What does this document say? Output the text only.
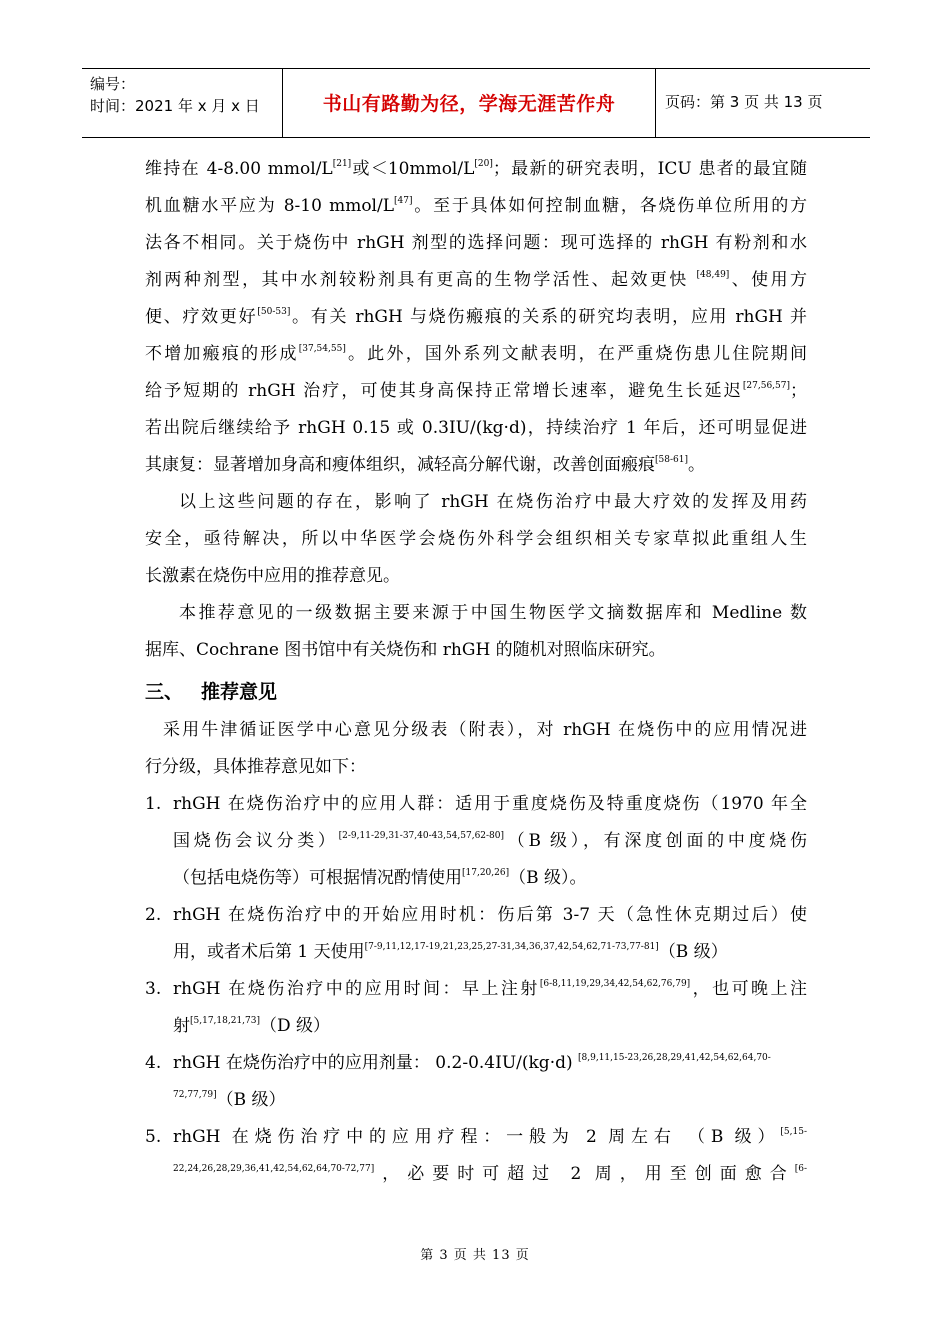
编号：
时间：2021 年 x 月 x 日	书山有路勤为径，学海无涯苦作舟	页码：第 3 页 共 13 页
维持在 4-8.00 mmol/L[21]或＜10mmol/L[20]；最新的研究表明，ICU 患者的最宜随
机血糖水平应为 8-10 mmol/L[47]。至于具体如何控制血糖，各烧伤单位所用的方
法各不相同。关于烧伤中 rhGH 剂型的选择问题：现可选择的 rhGH 有粉剂和水
剂两种剂型，其中水剂较粉剂具有更高的生物学活性、起效更快 [48,49]、使用方
便、疗效更好[50-53]。有关 rhGH 与烧伤瘢痕的关系的研究均表明，应用 rhGH 并
不增加瘢痕的形成[37,54,55]。此外，国外系列文献表明，在严重烧伤患儿住院期间
给予短期的 rhGH 治疗，可使其身高保持正常增长速率，避免生长延迟[27,56,57]；
若出院后继续给予 rhGH 0.15 或 0.3IU/(kg·d)，持续治疗 1 年后，还可明显促进
其康复：显著增加身高和瘦体组织，减轻高分解代谢，改善创面瘢痕[58-61]。
以上这些问题的存在，影响了 rhGH 在烧伤治疗中最大疗效的发挥及用药
安全，亟待解决，所以中华医学会烧伤外科学会组织相关专家草拟此重组人生
长激素在烧伤中应用的推荐意见。
本推荐意见的一级数据主要来源于中国生物医学文摘数据库和 Medline 数
据库、Cochrane 图书馆中有关烧伤和 rhGH 的随机对照临床研究。
三、 推荐意见
采用牛津循证医学中心意见分级表（附表），对 rhGH 在烧伤中的应用情况进
行分级，具体推荐意见如下：
1. rhGH 在烧伤治疗中的应用人群：适用于重度烧伤及特重度烧伤（1970 年全
国烧伤会议分类）[2-9,11-29,31-37,40-43,54,57,62-80]（B 级），有深度创面的中度烧伤
（包括电烧伤等）可根据情况酌情使用[17,20,26]（B 级）。
2. rhGH 在烧伤治疗中的开始应用时机：伤后第 3-7 天（急性休克期过后）使
用，或者术后第 1 天使用[7-9,11,12,17-19,21,23,25,27-31,34,36,37,42,54,62,71-73,77-81]（B 级）
3. rhGH 在烧伤治疗中的应用时间：早上注射[6-8,11,19,29,34,42,54,62,76,79]，也可晚上注
射[5,17,18,21,73]（D 级）
4. rhGH 在烧伤治疗中的应用剂量： 0.2-0.4IU/(kg·d) $^{[8,9,11,15-23,26,28,29,41,42,54,62,64,70-}$
$^{72,77,79]}$（B 级）
5. rhGH 在烧伤治疗中的应用疗程：一般为 2 周左右 （B 级）$^{[5,15-}$
$^{22,24,26,28,29,36,41,42,54,62,64,70-72,77]}$，必要时可超过 2 周，用至创面愈合$^{[6-}$
第 3 页 共 13 页
